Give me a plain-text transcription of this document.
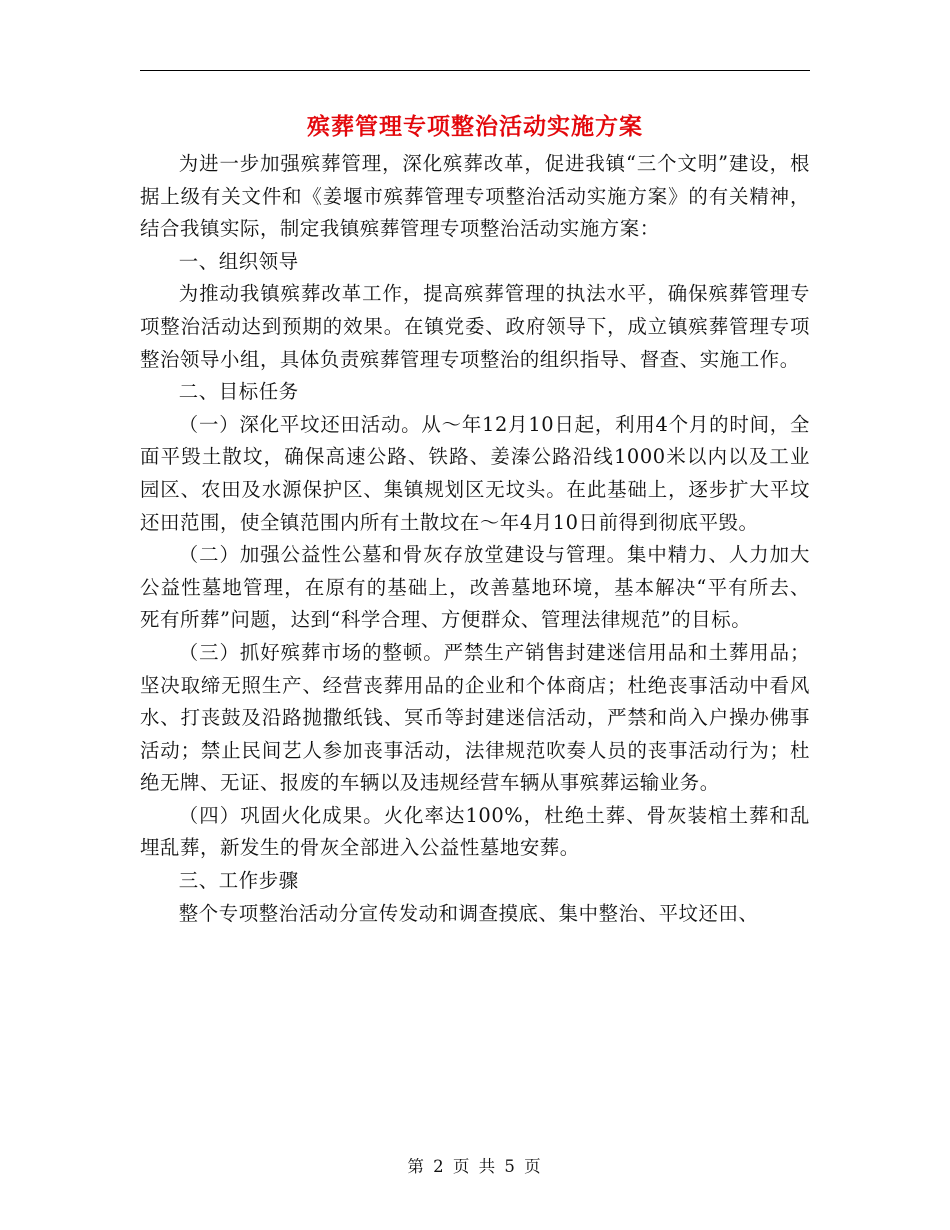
殡葬管理专项整治活动实施方案

为进一步加强殡葬管理，深化殡葬改革，促进我镇“三个文明”建设，根据上级有关文件和《姜堰市殡葬管理专项整治活动实施方案》的有关精神，结合我镇实际，制定我镇殡葬管理专项整治活动实施方案：

一、组织领导

为推动我镇殡葬改革工作，提高殡葬管理的执法水平，确保殡葬管理专项整治活动达到预期的效果。在镇党委、政府领导下，成立镇殡葬管理专项整治领导小组，具体负责殡葬管理专项整治的组织指导、督查、实施工作。

二、目标任务

（一）深化平坟还田活动。从～年12月10日起，利用4个月的时间，全面平毁土散坟，确保高速公路、铁路、姜溱公路沿线1000米以内以及工业园区、农田及水源保护区、集镇规划区无坟头。在此基础上，逐步扩大平坟还田范围，使全镇范围内所有土散坟在～年4月10日前得到彻底平毁。

（二）加强公益性公墓和骨灰存放堂建设与管理。集中精力、人力加大公益性墓地管理，在原有的基础上，改善墓地环境，基本解决“平有所去、死有所葬”问题，达到“科学合理、方便群众、管理法律规范”的目标。

（三）抓好殡葬市场的整顿。严禁生产销售封建迷信用品和土葬用品；坚决取缔无照生产、经营丧葬用品的企业和个体商店；杜绝丧事活动中看风水、打丧鼓及沿路抛撒纸钱、冥币等封建迷信活动，严禁和尚入户操办佛事活动；禁止民间艺人参加丧事活动，法律规范吹奏人员的丧事活动行为；杜绝无牌、无证、报废的车辆以及违规经营车辆从事殡葬运输业务。

（四）巩固火化成果。火化率达100%，杜绝土葬、骨灰装棺土葬和乱埋乱葬，新发生的骨灰全部进入公益性墓地安葬。

三、工作步骤

整个专项整治活动分宣传发动和调查摸底、集中整治、平坟还田、

第 2 页 共 5 页
